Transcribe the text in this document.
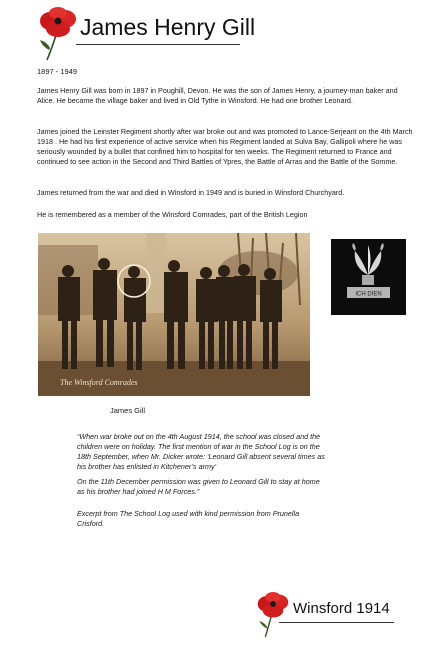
James Henry Gill
1897 - 1949
James Henry Gill was born in 1897 in Poughill, Devon. He was the son of James Henry, a journey-man baker and Alice. He became the village baker and lived in Old Tythe in Winsford. He had one brother Leonard.
James joined the Leinster Regiment shortly after war broke out and was promoted to Lance-Serjeant on the 4th March 1918 . He had his first experience of active service when his Regiment landed at Sulva Bay, Gallipoli where he was seriously wounded by a bullet that confined him to hospital for ten weeks. The Regiment returned to France and continued to see action in the Second and Third Battles of Ypres, the Battle of Arras and the Battle of the Somme.
James returned from the war and died in Winsford in 1949 and is buried in Winsford Churchyard.
He is remembered as a member of the Winsford Comrades, part of the British Legion
The Winsford Comrades
ICH DIEN
James Gill
“When war broke out on the 4th August 1914, the school was closed and the children were on holiday. The first mention of war in the School Log is on the 18th September, when Mr. Dicker wrote: ‘Leonard Gill absent several times as his brother has enlisted in Kitchener’s army’
On the 11th December permission was given to Leonard Gill to stay at home as his brother had joined H M Forces.”
Excerpt from The School Log used with kind permission from Prunella Crisford.
Winsford 1914
